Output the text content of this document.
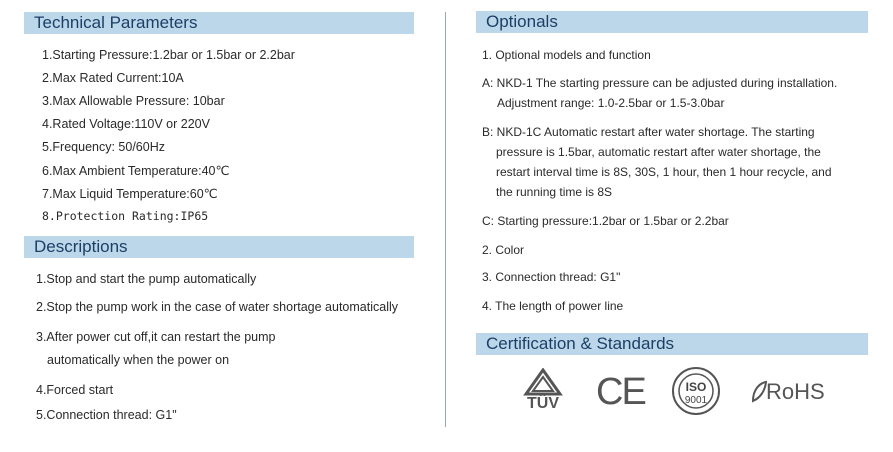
Technical Parameters
1.Starting Pressure:1.2bar or 1.5bar or 2.2bar
2.Max Rated Current:10A
3.Max Allowable Pressure: 10bar
4.Rated Voltage:110V or 220V
5.Frequency: 50/60Hz
6.Max Ambient Temperature:40℃
7.Max Liquid Temperature:60℃
8.Protection Rating:IP65
Descriptions
1.Stop and start the pump automatically
2.Stop the pump work in the case of water shortage automatically
3.After power cut off,it can restart the pump
automatically when the power on
4.Forced start
5.Connection thread: G1"
Optionals
1. Optional models and function
A: NKD-1 The starting pressure can be adjusted during installation.
Adjustment range: 1.0-2.5bar or 1.5-3.0bar
B: NKD-1C Automatic restart after water shortage. The starting
pressure is 1.5bar, automatic restart after water shortage, the
restart interval time is 8S, 30S, 1 hour, then 1 hour recycle, and
the running time is 8S
C: Starting pressure:1.2bar or 1.5bar or 2.2bar
2. Color
3. Connection thread: G1"
4. The length of power line
Certification & Standards
TÜV CE	ISO
9001	RoHS
